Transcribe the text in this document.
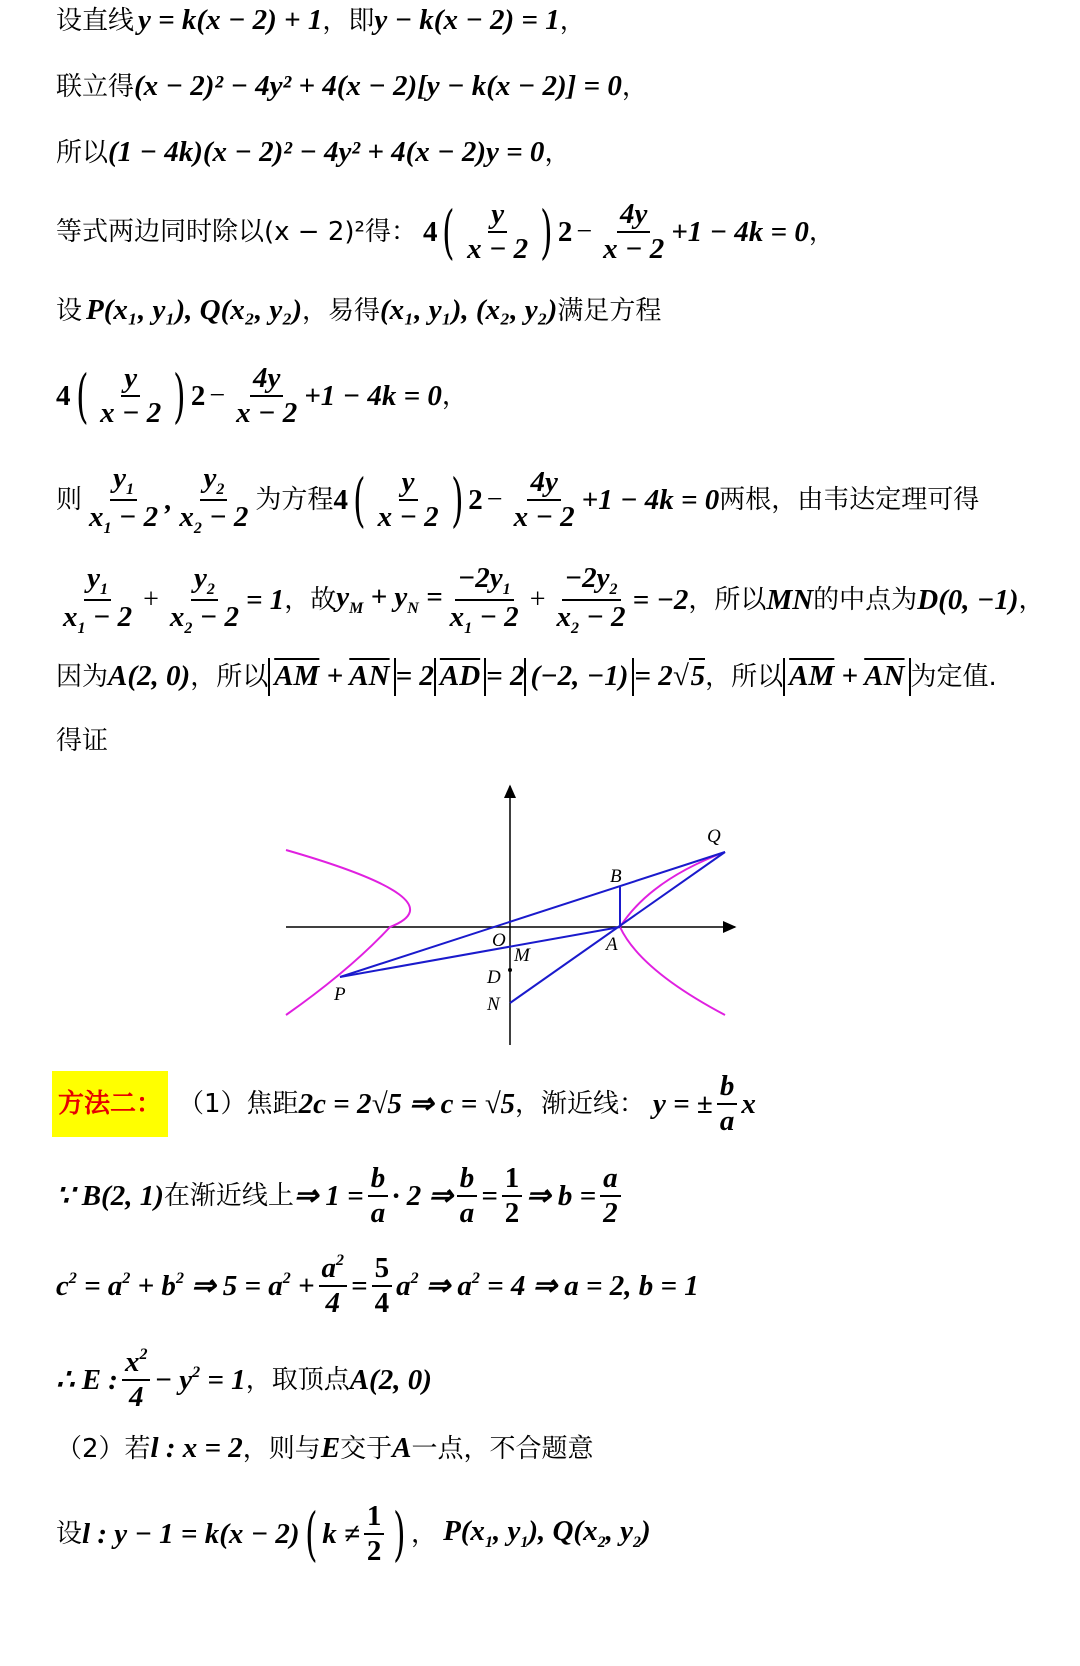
设直线 y = k(x − 2) + 1 ，即 y − k(x − 2) = 1 ，
联立得 (x − 2)² − 4y² + 4(x − 2)[y − k(x − 2)] = 0 ，
所以 (1 − 4k)(x − 2)² − 4y² + 4(x − 2)y = 0 ，
等式两边同时除以(x − 2)²得： 4 ( $\frac{y}{x - 2}$ ) $2 - \frac{4y}{x - 2} +1 - 4k = 0$ ，
设 P(x₁, y₁), Q(x₂, y₂) ，易得 (x₁, y₁), (x₂, y₂) 满足方程
4 ( $\frac{y}{x - 2}$ ) $2 - \frac{4y}{x - 2} +1 - 4k = 0$ ，
则 $\frac{y_1}{x_1 - 2}$ , $\frac{y_2}{x_2 - 2}$ 为方程 4 ( $\frac{y}{x - 2}$ ) $2 - \frac{4y}{x - 2} +1 - 4k = 0$ 两根，由韦达定理可得
$\frac{y_1}{x_1 - 2} + \frac{y_2}{x_2 - 2} = 1$ ，故 $y_M + y_N = \frac{-2y_1}{x_1 - 2} + \frac{-2y_2}{x_2 - 2} = -2$ ，所以 MN 的中点为 D(0, −1) ，
因为 A(2, 0) ，所以 $\overline{AM} + \overline{AN} = 2$ $\overline{AD} = 2$ (−2, −1) = 2√5 ，所以 $\overline{AM} + \overline{AN}$ 为定值.
得证
Q
B
O
M
A
D
P	N
方法二： （1）焦距 2c = 2√5 ⇒ c = √5 ，渐近线： y = ± $\frac{b}{a}$ x
∵ B(2, 1) 在渐近线上 ⇒ $1 = \frac{b}{a} \cdot 2$ ⇒ $\frac{b}{a} = \frac{1}{2}$ ⇒ $b = \frac{a}{2}$
$c^2 = a^2 + b^2$ ⇒ $5 = a^2 + \frac{a^2}{4} = \frac{5}{4} a^2$ ⇒ $a^2 = 4$ ⇒ a = 2, b = 1
∴ E : $\frac{x^2}{4} - y^2 = 1$ ，取顶点 A(2, 0)
（2）若 l : x = 2 ，则与 E 交于 A 一点，不合题意
设 l : y − 1 = k(x − 2) ( $k \ne \frac{1}{2}$ ) ， $P(x_1$, $y_1$), $Q(x_2$, $y_2$)
